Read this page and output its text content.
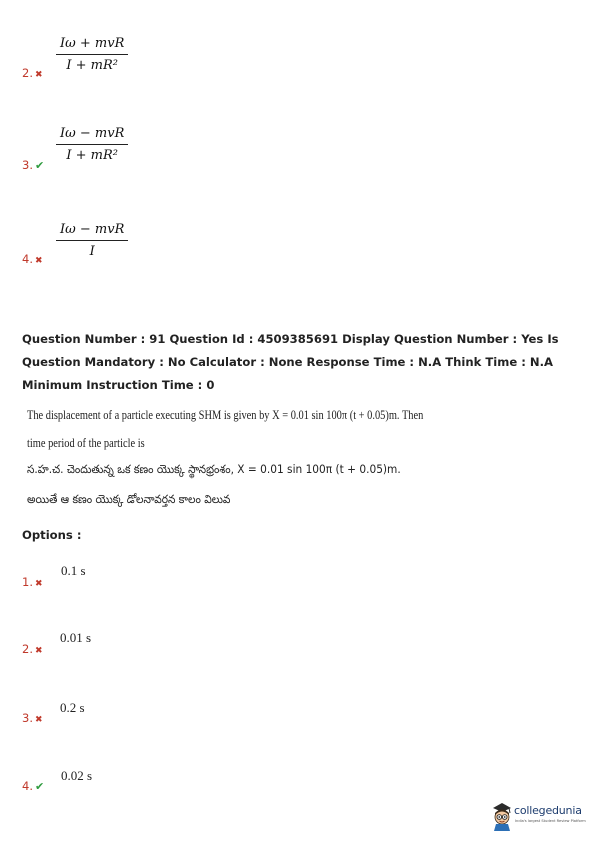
Iω + mvR
I + mR²
2. ✖
Iω − mvR
I + mR²
3. ✔
Iω − mvR
I
4. ✖
Question Number : 91 Question Id : 4509385691 Display Question Number : Yes Is Question Mandatory : No Calculator : None Response Time : N.A Think Time : N.A Minimum Instruction Time : 0
The displacement of a particle executing SHM is given by X = 0.01 sin 100π (t + 0.05)m. Then
time period of the particle is
స.హ.చ. చెందుతున్న ఒక కణం యొక్క స్థానభ్రంశం, X = 0.01 sin 100π (t + 0.05)m.
అయితే ఆ కణం యొక్క డోలనావర్తన కాలం విలువ
Options :
0.1 s
1. ✖
0.01 s
2. ✖
0.2 s
3. ✖
0.02 s
4. ✔
collegedunia
India's largest Student Review Platform
